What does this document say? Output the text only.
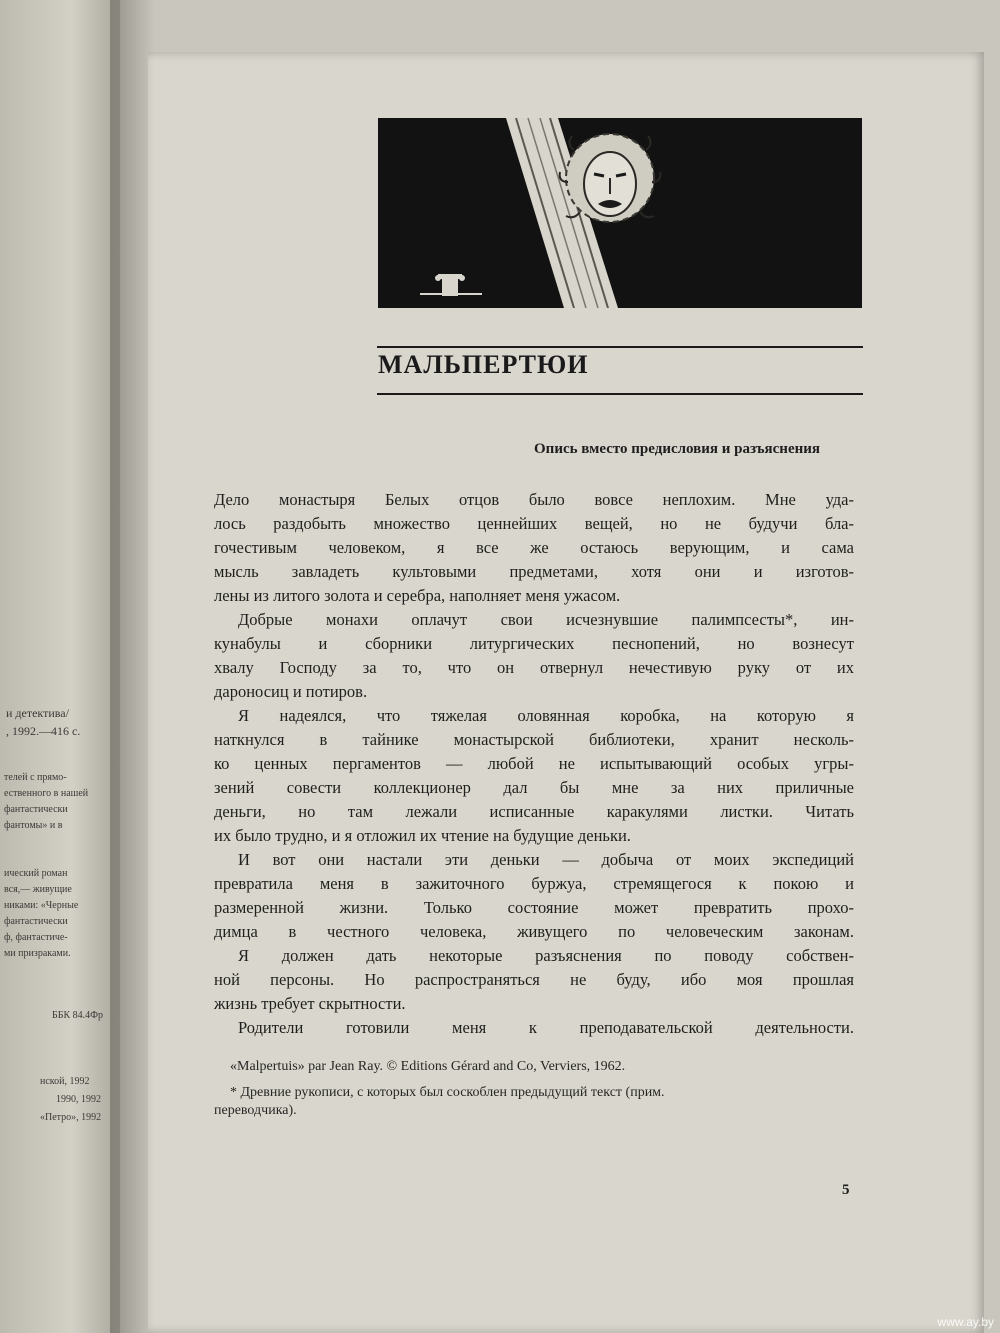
и детектива/
, 1992.—416 с.
телей с прямо-
ественного в нашей
фантастически
фантомы» и в
ический роман
вся,— живущие
никами: «Черные
фантастически
ф, фантастиче-
ми призраками.
ББК 84.4Фр
нской, 1992
1990, 1992
«Петро», 1992
МАЛЬПЕРТЮИ
Опись вместо предисловия и разъяснения
Дело монастыря Белых отцов было вовсе неплохим. Мне уда-
лось раздобыть множество ценнейших вещей, но не будучи бла-
гочестивым человеком, я все же остаюсь верующим, и сама
мысль завладеть культовыми предметами, хотя они и изготов-
лены из литого золота и серебра, наполняет меня ужасом.
Добрые монахи оплачут свои исчезнувшие палимпсесты*, ин-
кунабулы и сборники литургических песнопений, но вознесут
хвалу Господу за то, что он отвернул нечестивую руку от их
дароносиц и потиров.
Я надеялся, что тяжелая оловянная коробка, на которую я
наткнулся в тайнике монастырской библиотеки, хранит несколь-
ко ценных пергаментов — любой не испытывающий особых угры-
зений совести коллекционер дал бы мне за них приличные
деньги, но там лежали исписанные каракулями листки. Читать
их было трудно, и я отложил их чтение на будущие деньки.
И вот они настали эти деньки — добыча от моих экспедиций
превратила меня в зажиточного буржуа, стремящегося к покою и
размеренной жизни. Только состояние может превратить прохо-
димца в честного человека, живущего по человеческим законам.
Я должен дать некоторые разъяснения по поводу собствен-
ной персоны. Но распространяться не буду, ибо моя прошлая
жизнь требует скрытности.
Родители готовили меня к преподавательской деятельности.
«Malpertuis» par Jean Ray. © Editions Gérard and Co, Verviers, 1962.
* Древние рукописи, с которых был соскоблен предыдущий текст (прим.
переводчика).
5
www.ay.by
